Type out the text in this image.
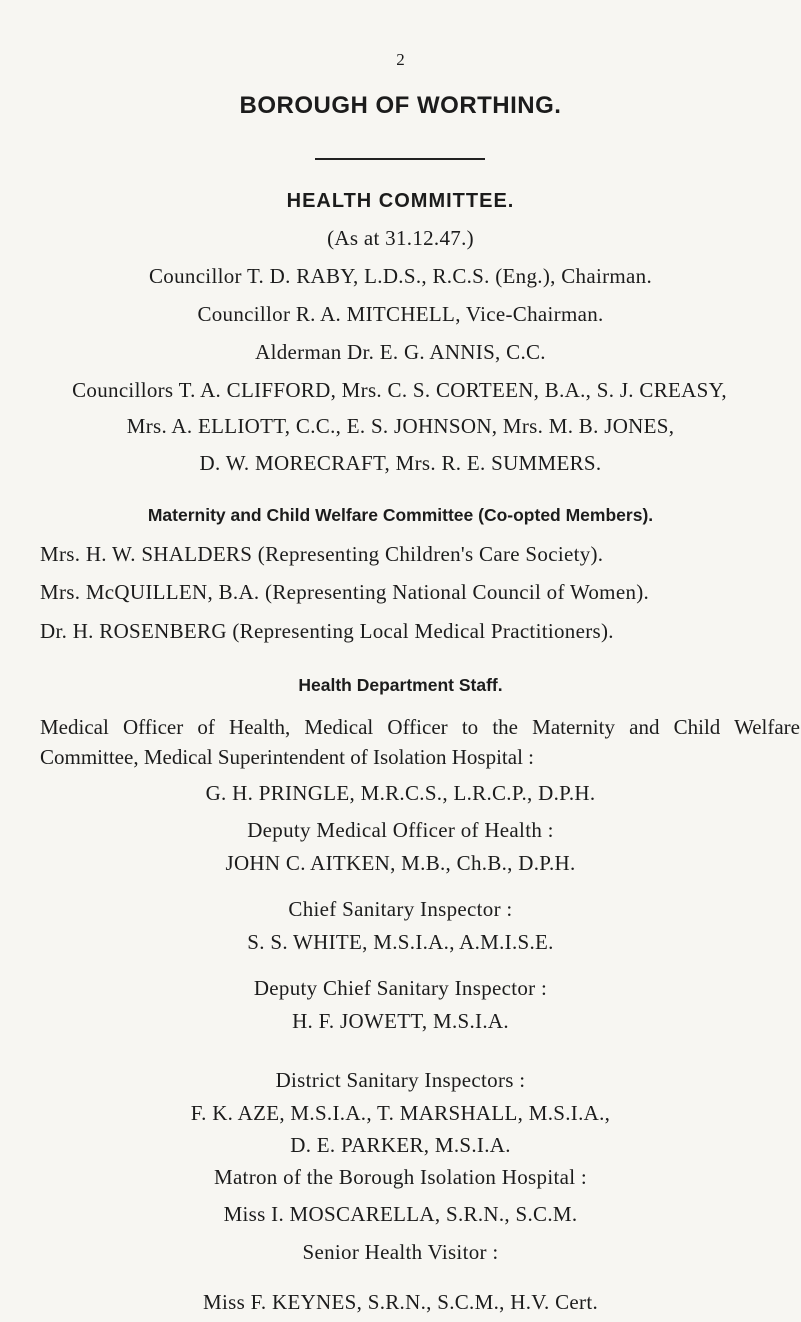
2
BOROUGH OF WORTHING.
HEALTH COMMITTEE.
(As at 31.12.47.)
Councillor T. D. RABY, L.D.S., R.C.S. (Eng.), Chairman.
Councillor R. A. MITCHELL, Vice-Chairman.
Alderman Dr. E. G. ANNIS, C.C.
Councillors T. A. CLIFFORD, Mrs. C. S. CORTEEN, B.A., S. J. CREASY,
Mrs. A. ELLIOTT, C.C., E. S. JOHNSON, Mrs. M. B. JONES,
D. W. MORECRAFT, Mrs. R. E. SUMMERS.
Maternity and Child Welfare Committee (Co-opted Members).
Mrs. H. W. SHALDERS (Representing Children's Care Society).
Mrs. McQUILLEN, B.A. (Representing National Council of Women).
Dr. H. ROSENBERG (Representing Local Medical Practitioners).
Health Department Staff.
Medical Officer of Health, Medical Officer to the Maternity and Child Welfare Committee, Medical Superintendent of Isolation Hospital :
G. H. PRINGLE, M.R.C.S., L.R.C.P., D.P.H.
Deputy Medical Officer of Health :
JOHN C. AITKEN, M.B., Ch.B., D.P.H.
Chief Sanitary Inspector :
S. S. WHITE, M.S.I.A., A.M.I.S.E.
Deputy Chief Sanitary Inspector :
H. F. JOWETT, M.S.I.A.
District Sanitary Inspectors :
F. K. AZE, M.S.I.A., T. MARSHALL, M.S.I.A.,
D. E. PARKER, M.S.I.A.
Matron of the Borough Isolation Hospital :
Miss I. MOSCARELLA, S.R.N., S.C.M.
Senior Health Visitor :
Miss F. KEYNES, S.R.N., S.C.M., H.V. Cert.
